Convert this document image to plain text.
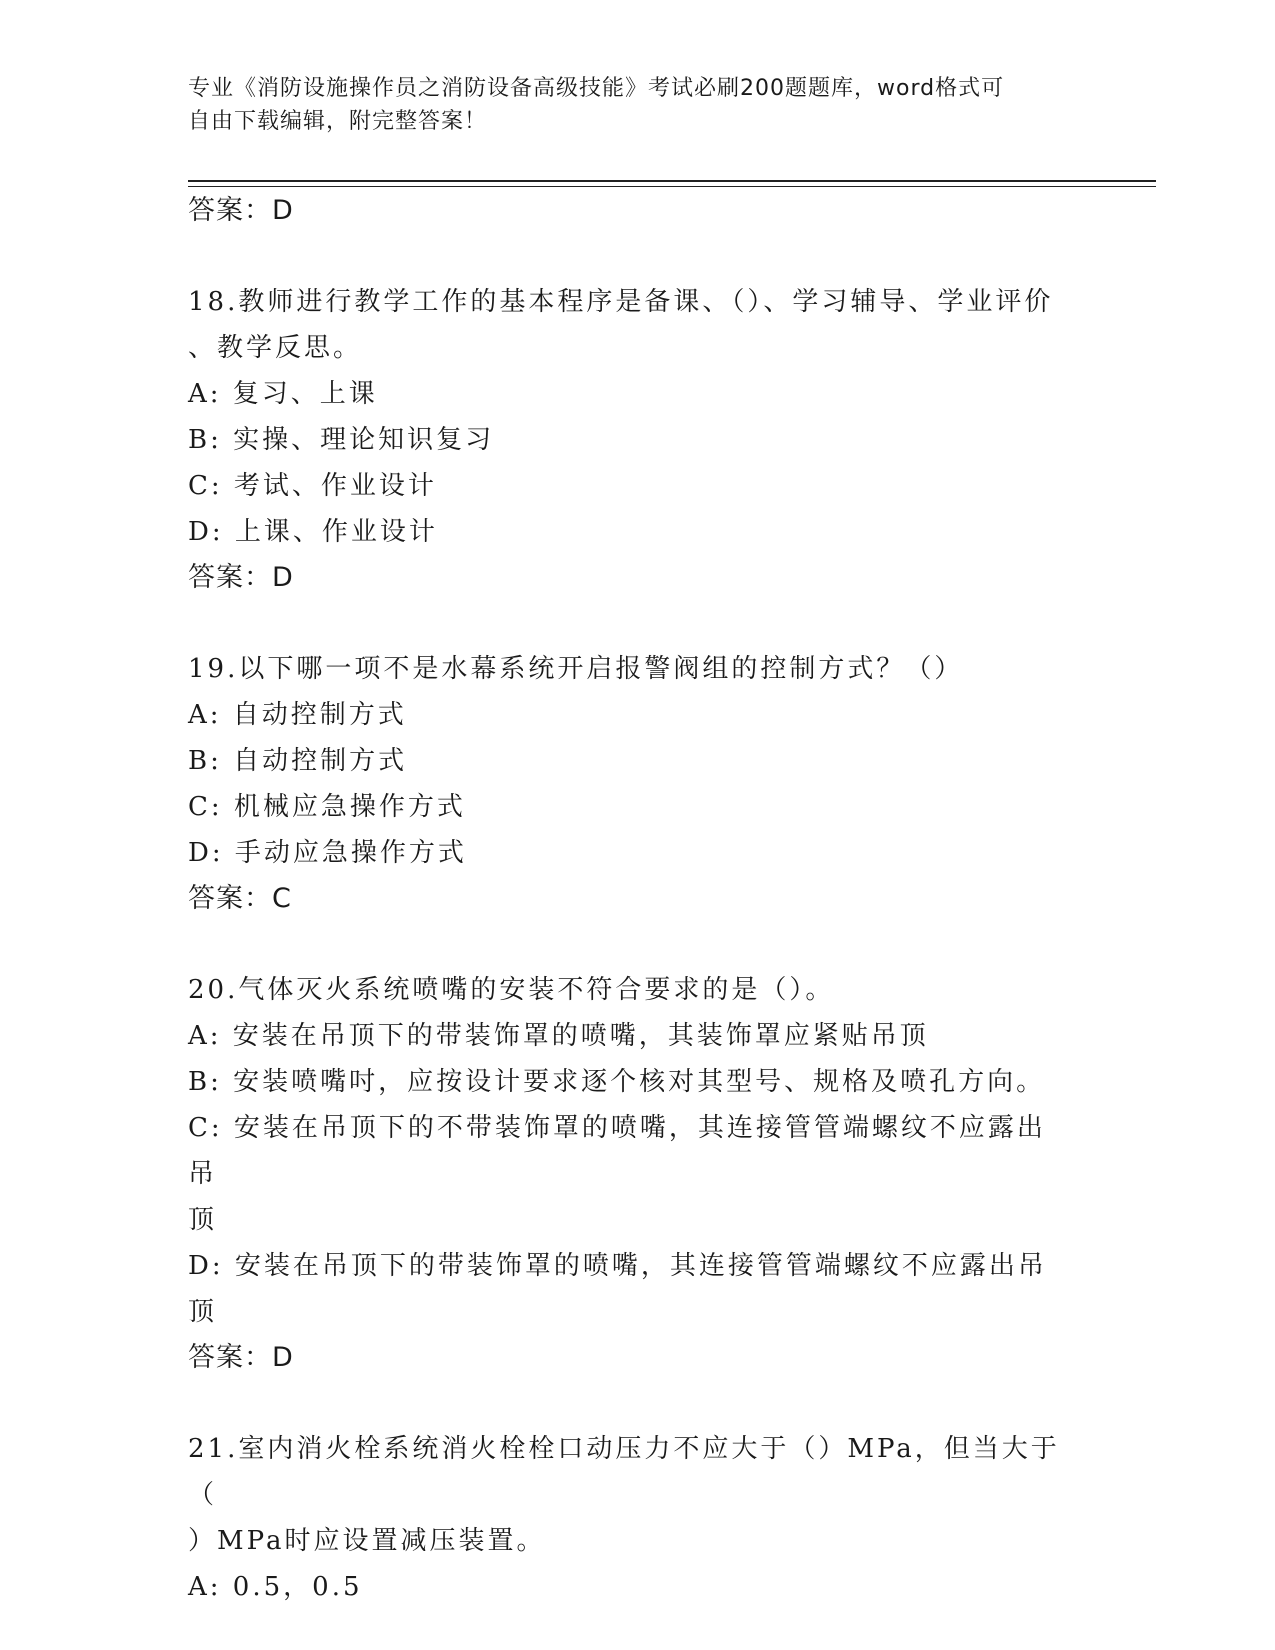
专业《消防设施操作员之消防设备高级技能》考试必刷200题题库，word格式可
自由下载编辑，附完整答案！

答案：D

18.教师进行教学工作的基本程序是备课、（）、学习辅导、学业评价

、教学反思。

A: 复习、上课

B: 实操、理论知识复习

C: 考试、作业设计

D: 上课、作业设计

答案：D

19.以下哪一项不是水幕系统开启报警阀组的控制方式？（）

A: 自动控制方式

B: 自动控制方式

C: 机械应急操作方式

D: 手动应急操作方式

答案：C

20.气体灭火系统喷嘴的安装不符合要求的是（）。

A: 安装在吊顶下的带装饰罩的喷嘴，其装饰罩应紧贴吊顶

B: 安装喷嘴吋，应按设计要求逐个核对其型号、规格及喷孔方向。

C: 安装在吊顶下的不带装饰罩的喷嘴，其连接管管端螺纹不应露出吊

顶

D: 安装在吊顶下的带装饰罩的喷嘴，其连接管管端螺纹不应露出吊顶

答案：D

21.室内消火栓系统消火栓栓口动压力不应大于（）MPa，但当大于（

）MPa时应设置减压装置。

A: 0.5，0.5
